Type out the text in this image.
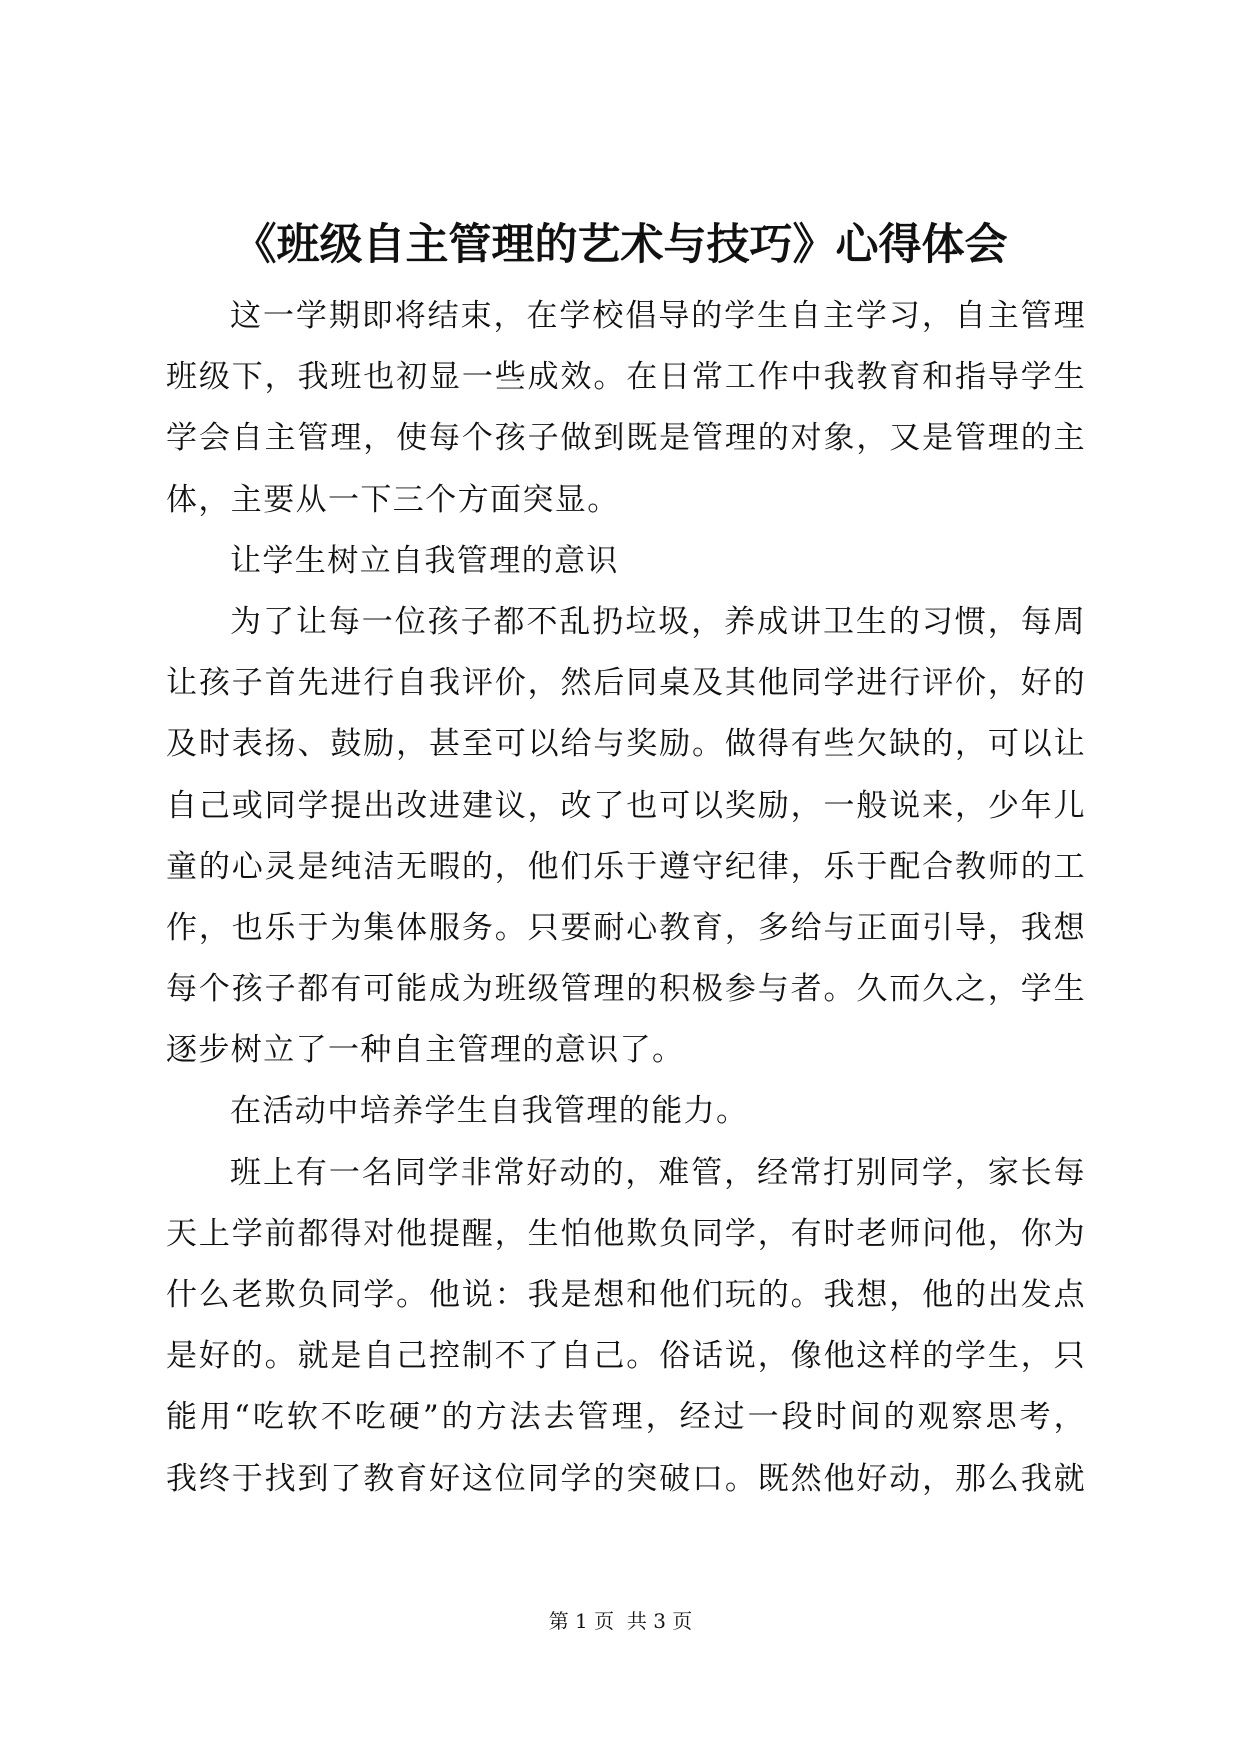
《班级自主管理的艺术与技巧》心得体会
这一学期即将结束，在学校倡导的学生自主学习，自主管理
班级下，我班也初显一些成效。在日常工作中我教育和指导学生
学会自主管理，使每个孩子做到既是管理的对象，又是管理的主
体，主要从一下三个方面突显。
让学生树立自我管理的意识
为了让每一位孩子都不乱扔垃圾，养成讲卫生的习惯，每周
让孩子首先进行自我评价，然后同桌及其他同学进行评价，好的
及时表扬、鼓励，甚至可以给与奖励。做得有些欠缺的，可以让
自己或同学提出改进建议，改了也可以奖励，一般说来，少年儿
童的心灵是纯洁无暇的，他们乐于遵守纪律，乐于配合教师的工
作，也乐于为集体服务。只要耐心教育，多给与正面引导，我想
每个孩子都有可能成为班级管理的积极参与者。久而久之，学生
逐步树立了一种自主管理的意识了。
在活动中培养学生自我管理的能力。
班上有一名同学非常好动的，难管，经常打别同学，家长每
天上学前都得对他提醒，生怕他欺负同学，有时老师问他，你为
什么老欺负同学。他说：我是想和他们玩的。我想，他的出发点
是好的。就是自己控制不了自己。俗话说，像他这样的学生，只
能用“吃软不吃硬”的方法去管理，经过一段时间的观察思考，
我终于找到了教育好这位同学的突破口。既然他好动，那么我就
第 1 页  共 3 页
